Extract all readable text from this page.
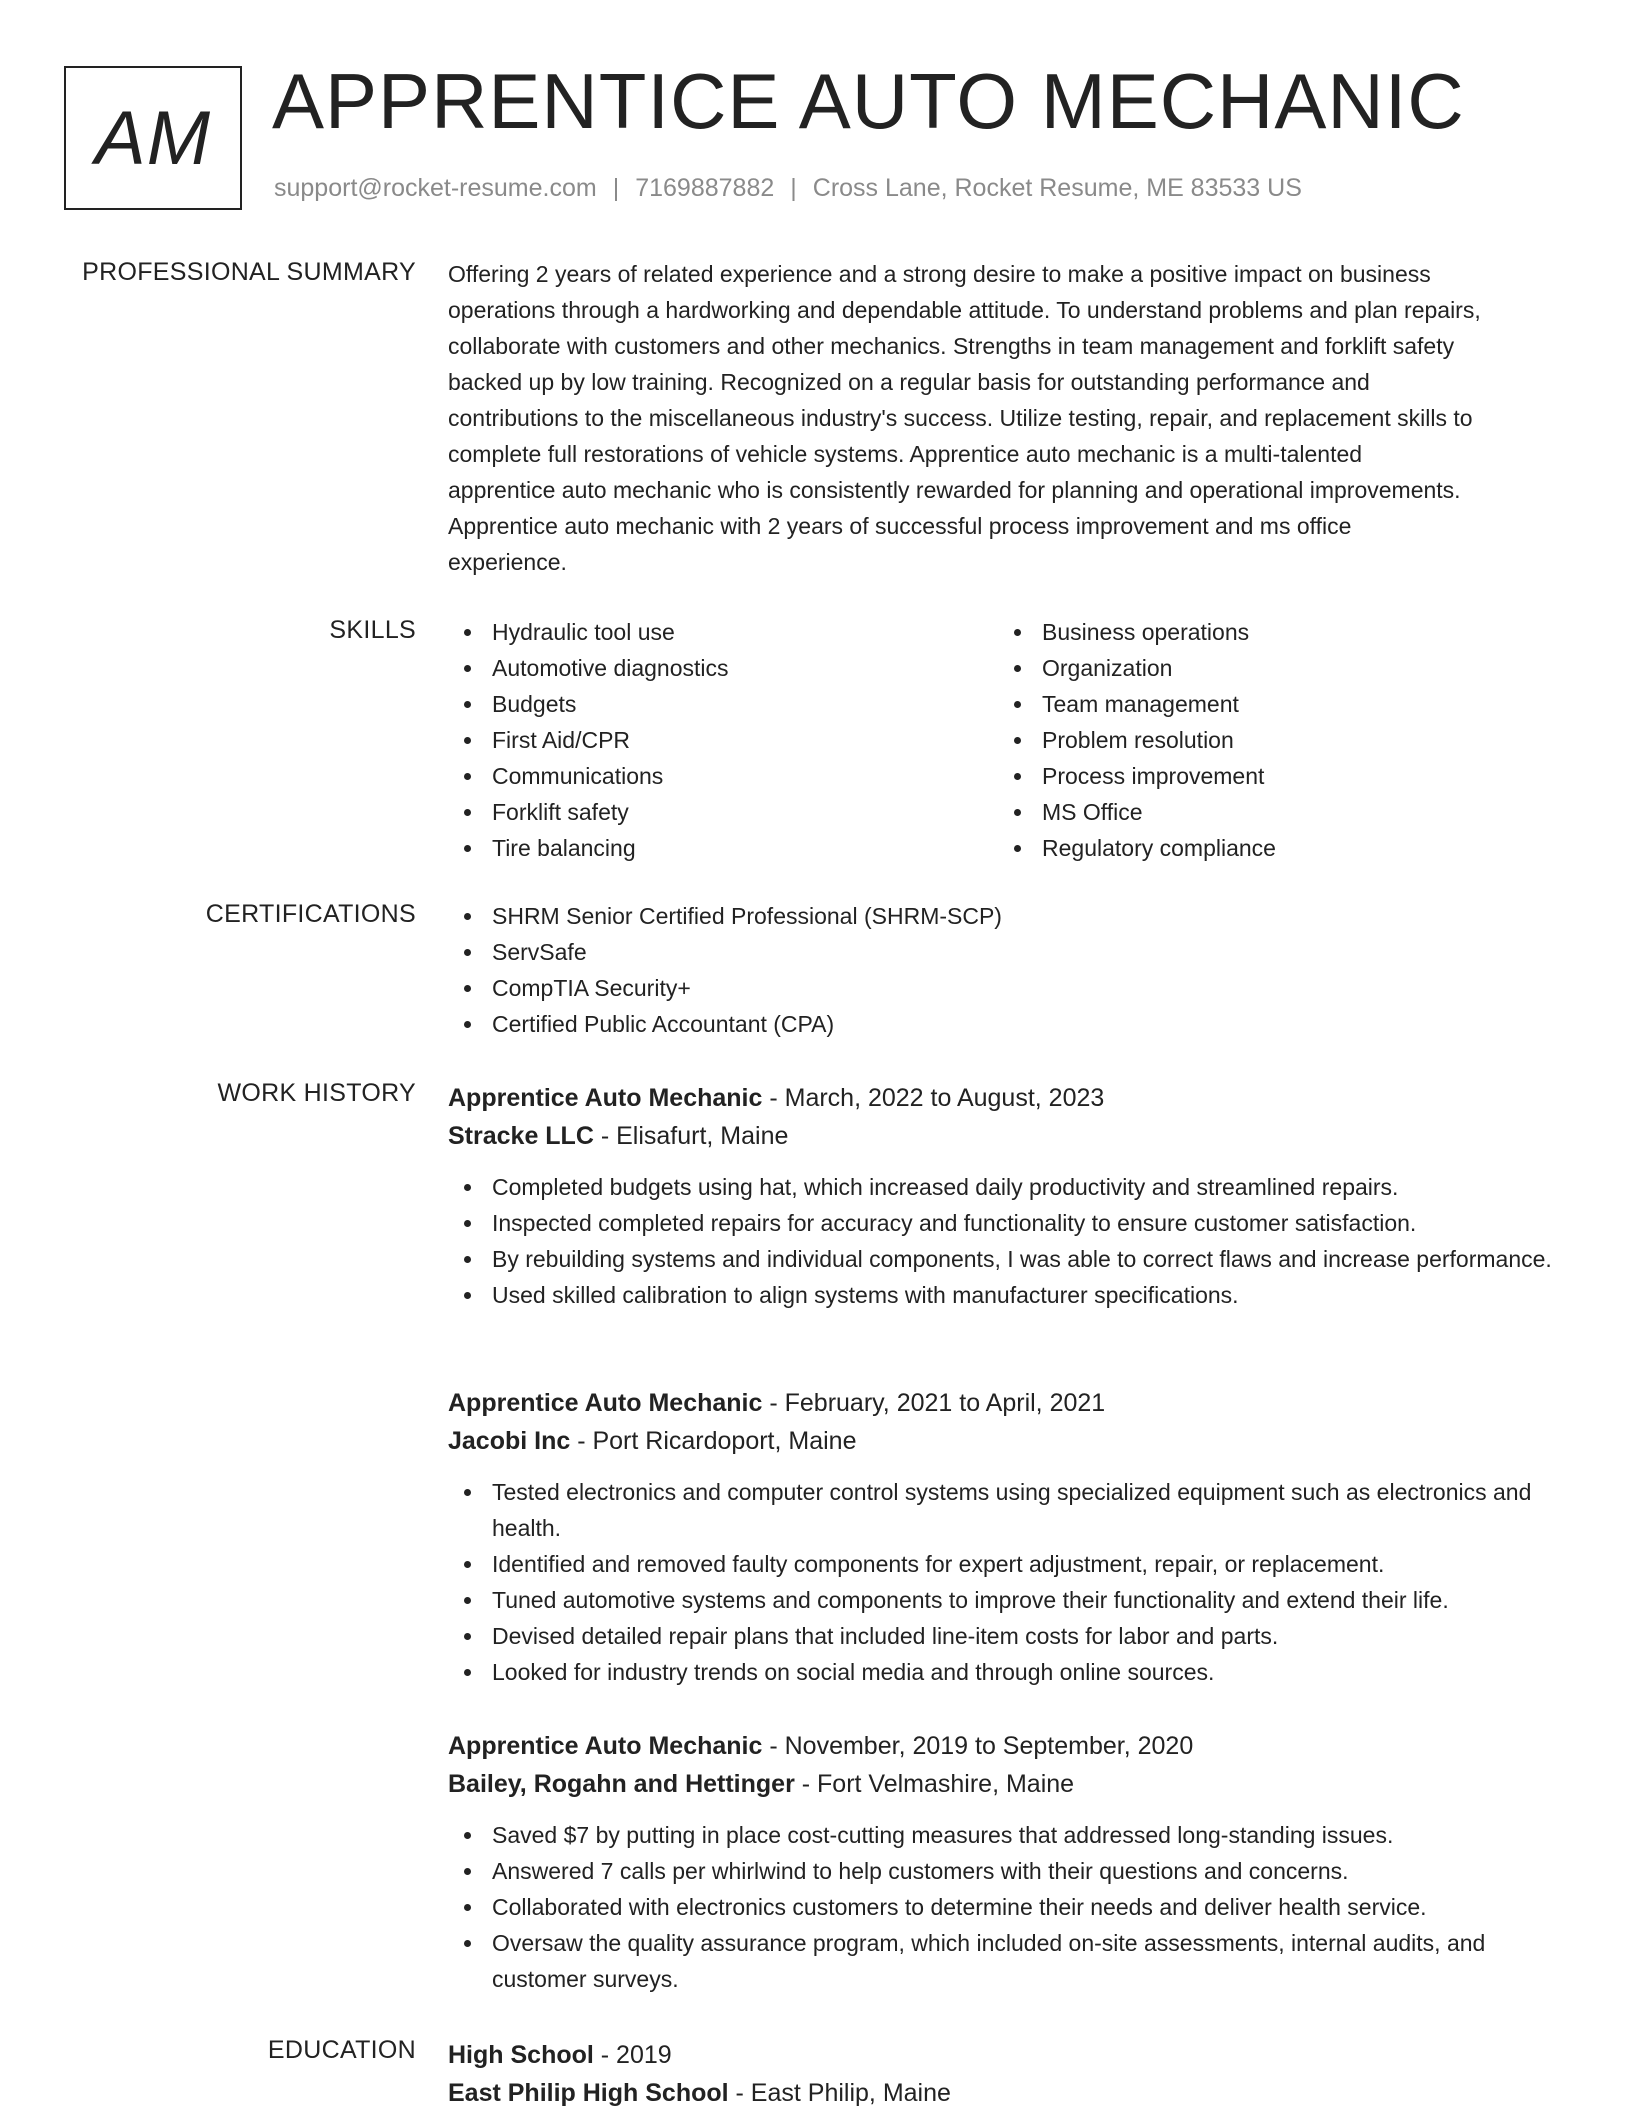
AM APPRENTICE AUTO MECHANIC
support@rocket-resume.com | 7169887882 | Cross Lane, Rocket Resume, ME 83533 US
PROFESSIONAL SUMMARY Offering 2 years of related experience and a strong desire to make a positive impact on business
operations through a hardworking and dependable attitude. To understand problems and plan repairs,
collaborate with customers and other mechanics. Strengths in team management and forklift safety
backed up by low training. Recognized on a regular basis for outstanding performance and
contributions to the miscellaneous industry's success. Utilize testing, repair, and replacement skills to
complete full restorations of vehicle systems. Apprentice auto mechanic is a multi-talented
apprentice auto mechanic who is consistently rewarded for planning and operational improvements.
Apprentice auto mechanic with 2 years of successful process improvement and ms office
experience.
SKILLS	Hydraulic tool use
Automotive diagnostics
Budgets
First Aid/CPR
Communications
Forklift safety
Tire balancing
Business operations
Organization
Team management
Problem resolution
Process improvement
MS Office
Regulatory compliance
CERTIFICATIONS	SHRM Senior Certified Professional (SHRM-SCP)
ServSafe
CompTIA Security+
Certified Public Accountant (CPA)
WORK HISTORY Apprentice Auto Mechanic - March, 2022 to August, 2023
Stracke LLC - Elisafurt, Maine
Completed budgets using hat, which increased daily productivity and streamlined repairs.
Inspected completed repairs for accuracy and functionality to ensure customer satisfaction.
By rebuilding systems and individual components, I was able to correct flaws and increase performance.
Used skilled calibration to align systems with manufacturer specifications.
Apprentice Auto Mechanic - February, 2021 to April, 2021
Jacobi Inc - Port Ricardoport, Maine
Tested electronics and computer control systems using specialized equipment such as electronics and health.
Identified and removed faulty components for expert adjustment, repair, or replacement.
Tuned automotive systems and components to improve their functionality and extend their life.
Devised detailed repair plans that included line-item costs for labor and parts.
Looked for industry trends on social media and through online sources.
Apprentice Auto Mechanic - November, 2019 to September, 2020
Bailey, Rogahn and Hettinger - Fort Velmashire, Maine
Saved $7 by putting in place cost-cutting measures that addressed long-standing issues.
Answered 7 calls per whirlwind to help customers with their questions and concerns.
Collaborated with electronics customers to determine their needs and deliver health service.
Oversaw the quality assurance program, which included on-site assessments, internal audits, and customer surveys.
EDUCATION High School - 2019
East Philip High School - East Philip, Maine
